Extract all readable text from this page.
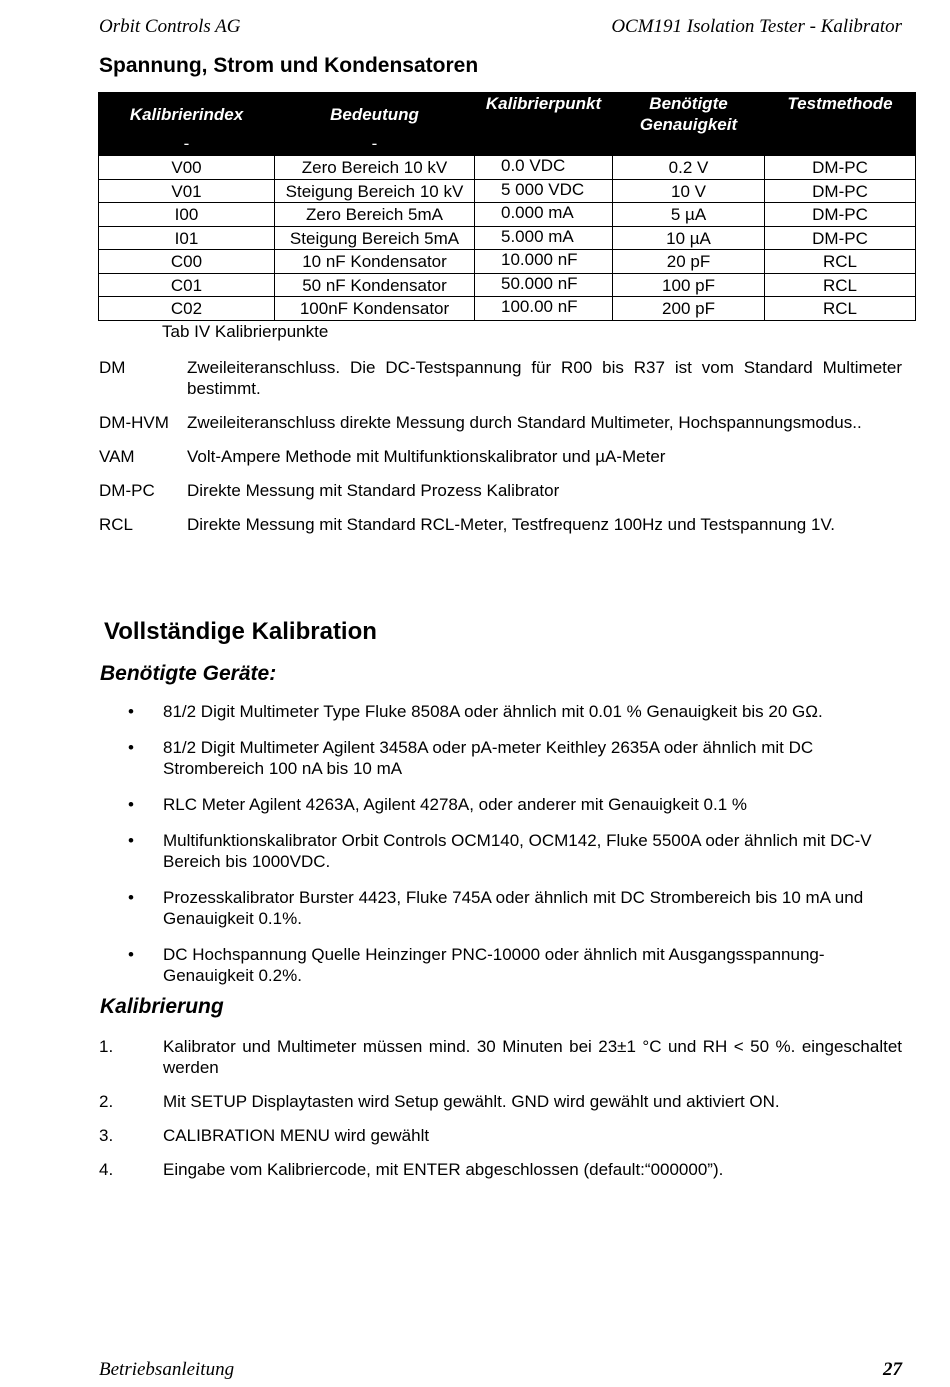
Orbit Controls AG	OCM191 Isolation Tester - Kalibrator
Spannung, Strom und Kondensatoren
Kalibrierindex	Bedeutung	Kalibrierpunkt	Benötigte Genauigkeit	Testmethode
-	-			
V00	Zero Bereich 10 kV	0.0 VDC	0.2 V	DM-PC
V01	Steigung Bereich 10 kV	5 000 VDC	10 V	DM-PC
I00	Zero Bereich 5mA	0.000 mA	5 µA	DM-PC
I01	Steigung Bereich 5mA	5.000 mA	10 µA	DM-PC
C00	10 nF Kondensator	10.000 nF	20 pF	RCL
C01	50 nF Kondensator	50.000 nF	100 pF	RCL
C02	100nF Kondensator	100.00 nF	200 pF	RCL
Tab IV Kalibrierpunkte
DM	Zweileiteranschluss. Die DC-Testspannung für R00 bis R37 ist vom Standard Multimeter bestimmt.
DM-HVM	Zweileiteranschluss direkte Messung durch Standard Multimeter, Hochspannungsmodus..
VAM	Volt-Ampere Methode mit Multifunktionskalibrator und µA-Meter
DM-PC	Direkte Messung mit Standard Prozess Kalibrator
RCL	Direkte Messung mit Standard RCL-Meter, Testfrequenz 100Hz und Testspannung 1V.
Vollständige Kalibration
Benötigte Geräte:
•	81/2 Digit Multimeter Type Fluke 8508A oder ähnlich mit 0.01 % Genauigkeit bis 20 GΩ.
•	81/2 Digit Multimeter Agilent 3458A oder pA-meter Keithley 2635A oder ähnlich mit DC Strombereich 100 nA bis 10 mA
•	RLC Meter Agilent 4263A, Agilent 4278A, oder anderer mit Genauigkeit 0.1 %
•	Multifunktionskalibrator Orbit Controls OCM140, OCM142, Fluke 5500A oder ähnlich mit DC-V Bereich bis 1000VDC.
•	Prozesskalibrator Burster 4423, Fluke 745A oder ähnlich mit DC Strombereich bis 10 mA und Genauigkeit 0.1%.
•	DC Hochspannung Quelle Heinzinger PNC-10000 oder ähnlich mit Ausgangsspannung-Genauigkeit 0.2%.
Kalibrierung
1.	Kalibrator und Multimeter müssen mind. 30 Minuten bei 23±1 °C und RH < 50 %. eingeschaltet werden
2.	Mit SETUP Displaytasten wird Setup gewählt. GND wird gewählt und aktiviert ON.
3.	CALIBRATION MENU wird gewählt
4.	Eingabe vom Kalibriercode, mit ENTER abgeschlossen (default:“000000”).
Betriebsanleitung	27
